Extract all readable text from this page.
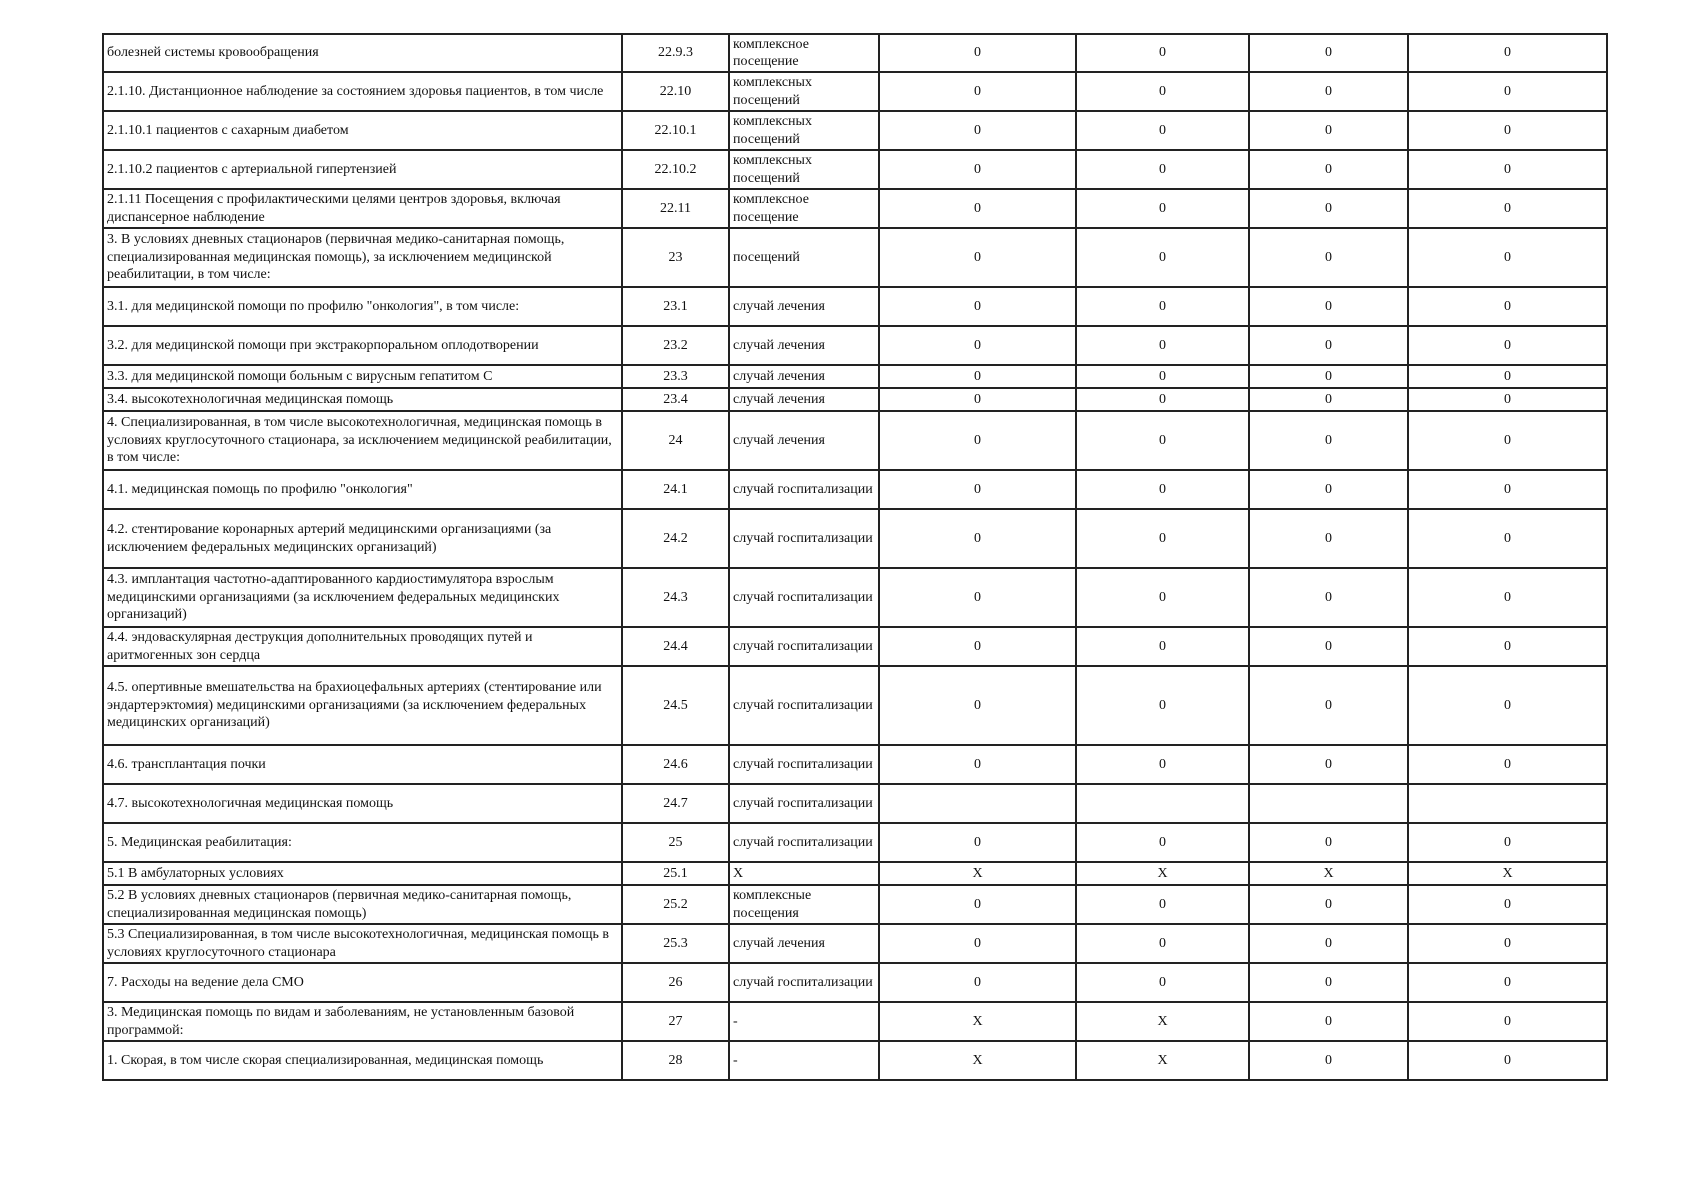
болезней системы кровообращения	22.9.3	комплексное посещение	0	0	0	0
2.1.10. Дистанционное наблюдение за состоянием здоровья пациентов, в том числе	22.10	комплексных посещений	0	0	0	0
2.1.10.1 пациентов с сахарным диабетом	22.10.1	комплексных посещений	0	0	0	0
2.1.10.2 пациентов с артериальной гипертензией	22.10.2	комплексных посещений	0	0	0	0
2.1.11 Посещения с профилактическими целями центров здоровья, включая диспансерное наблюдение	22.11	комплексное посещение	0	0	0	0
3. В условиях дневных стационаров (первичная медико-санитарная помощь, специализированная медицинская помощь), за исключением медицинской реабилитации, в том числе:	23	посещений	0	0	0	0
3.1. для медицинской помощи по профилю "онкология", в том числе:	23.1	случай лечения	0	0	0	0
3.2. для медицинской помощи при экстракорпоральном оплодотворении	23.2	случай лечения	0	0	0	0
3.3. для медицинской помощи больным с вирусным гепатитом С	23.3	случай лечения	0	0	0	0
3.4. высокотехнологичная медицинская помощь	23.4	случай лечения	0	0	0	0
4. Специализированная, в том числе высокотехнологичная, медицинская помощь в условиях круглосуточного стационара, за исключением медицинской реабилитации, в том числе:	24	случай лечения	0	0	0	0
4.1. медицинская помощь по профилю "онкология"	24.1	случай госпитализации	0	0	0	0
4.2. стентирование коронарных артерий медицинскими организациями (за исключением федеральных медицинских организаций)	24.2	случай госпитализации	0	0	0	0
4.3. имплантация частотно-адаптированного кардиостимулятора взрослым медицинскими организациями (за исключением федеральных медицинских организаций)	24.3	случай госпитализации	0	0	0	0
4.4. эндоваскулярная деструкция дополнительных проводящих путей и аритмогенных зон сердца	24.4	случай госпитализации	0	0	0	0
4.5. опертивные вмешательства на брахиоцефальных артериях (стентирование или эндартерэктомия) медицинскими организациями (за исключением федеральных медицинских организаций)	24.5	случай госпитализации	0	0	0	0
4.6. трансплантация почки	24.6	случай госпитализации	0	0	0	0
4.7. высокотехнологичная медицинская помощь	24.7	случай госпитализации				
5. Медицинская реабилитация:	25	случай госпитализации	0	0	0	0
5.1 В амбулаторных условиях	25.1	Х	Х	Х	Х	Х
5.2 В условиях дневных стационаров (первичная медико-санитарная помощь, специализированная медицинская помощь)	25.2	комплексные посещения	0	0	0	0
5.3 Специализированная, в том числе высокотехнологичная, медицинская помощь в условиях круглосуточного стационара	25.3	случай лечения	0	0	0	0
7. Расходы на ведение дела СМО	26	случай госпитализации	0	0	0	0
3. Медицинская помощь по видам и заболеваниям, не установленным базовой программой:	27	-	Х	Х	0	0
1. Скорая, в том числе скорая специализированная, медицинская помощь	28	-	Х	Х	0	0
